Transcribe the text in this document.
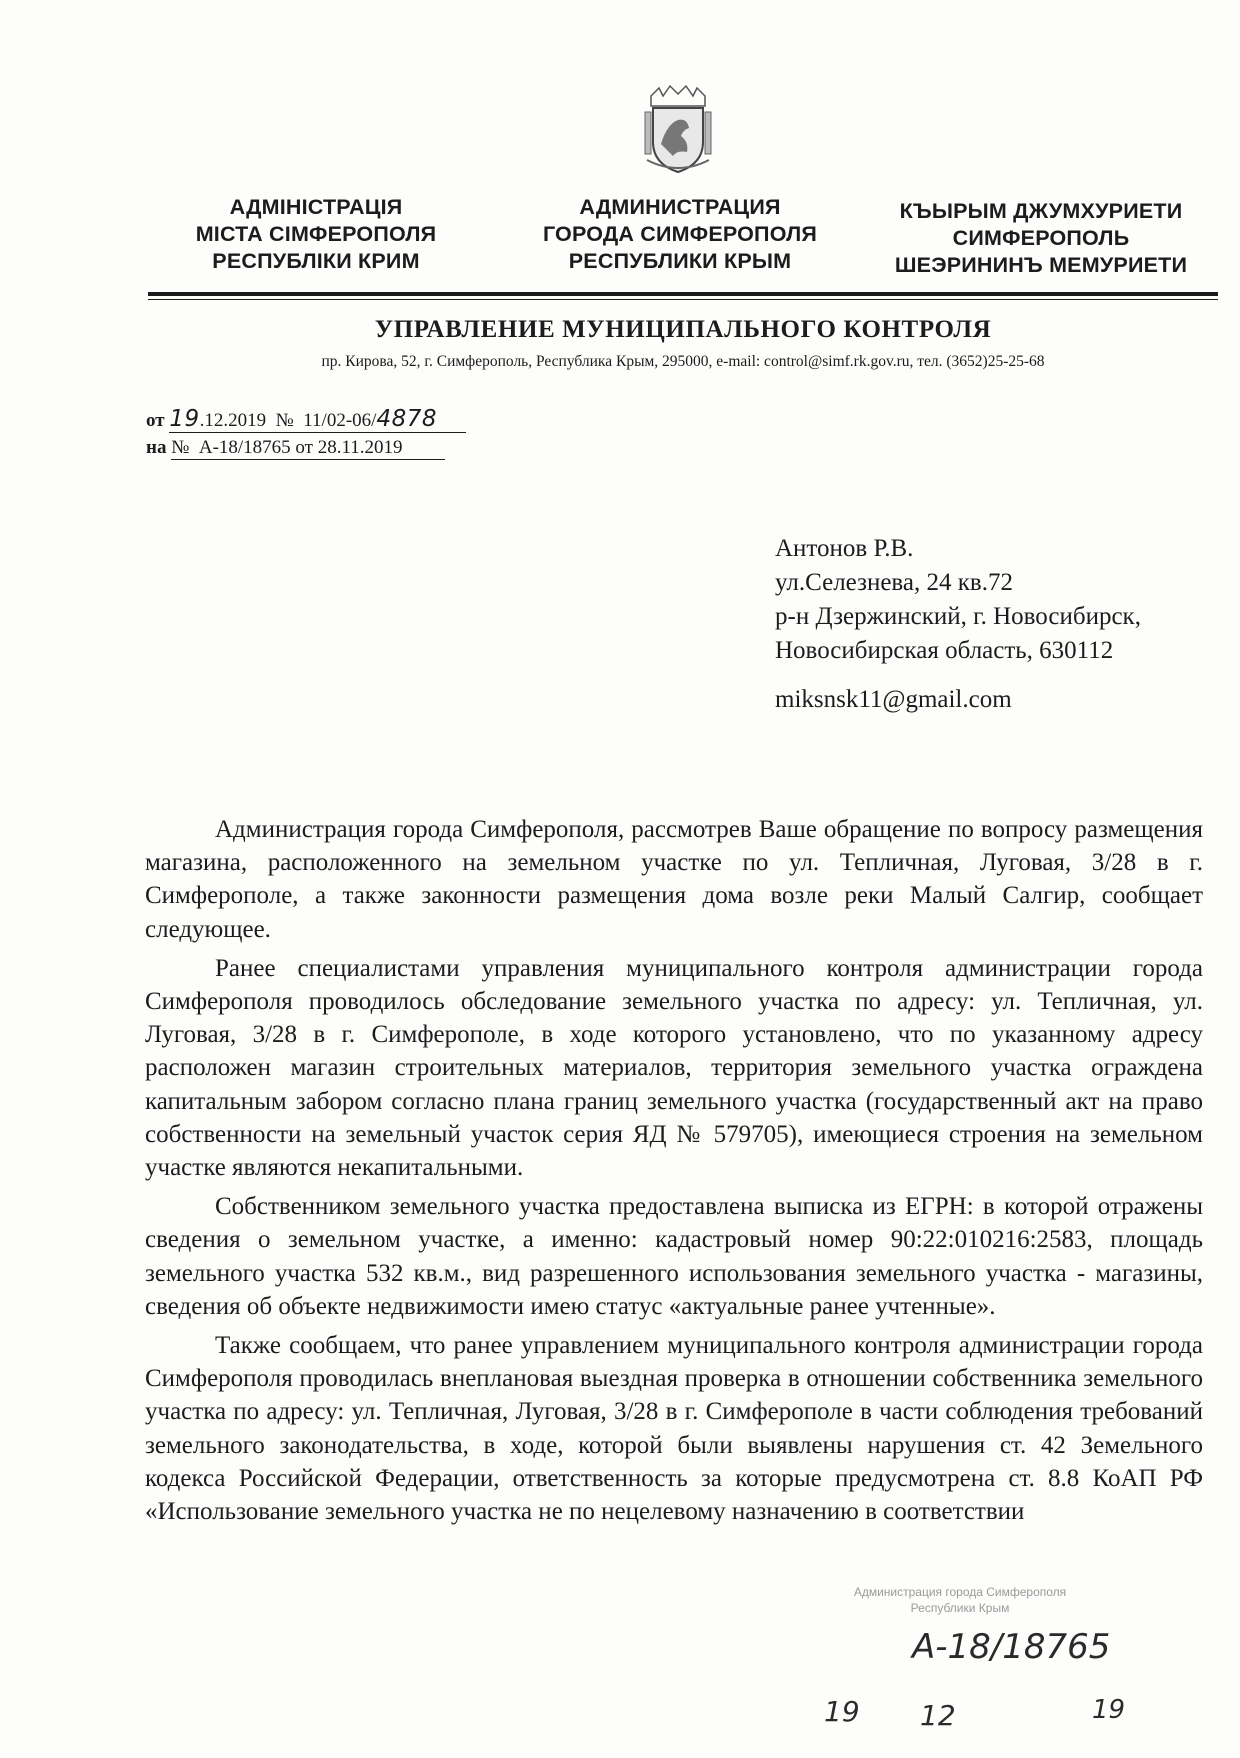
АДМІНІСТРАЦІЯ
МІСТА СІМФЕРОПОЛЯ
РЕСПУБЛІКИ КРИМ
АДМИНИСТРАЦИЯ
ГОРОДА СИМФЕРОПОЛЯ
РЕСПУБЛИКИ КРЫМ
КЪЫРЫМ ДЖУМХУРИЕТИ
СИМФЕРОПОЛЬ
ШЕЭРИНИНЪ МЕМУРИЕТИ
УПРАВЛЕНИЕ МУНИЦИПАЛЬНОГО КОНТРОЛЯ
пр. Кирова, 52, г. Симферополь, Республика Крым, 295000, e-mail: control@simf.rk.gov.ru, тел. (3652)25-25-68
от 19.12.2019 № 11/02-06/4878
на № А-18/18765 от 28.11.2019
Антонов Р.В.
ул.Селезнева, 24 кв.72
р-н Дзержинский, г. Новосибирск,
Новосибирская область, 630112
miksnsk11@gmail.com

Администрация города Симферополя, рассмотрев Ваше обращение по вопросу размещения магазина, расположенного на земельном участке по ул. Тепличная, Луговая, 3/28 в г. Симферополе, а также законности размещения дома возле реки Малый Салгир, сообщает следующее.

Ранее специалистами управления муниципального контроля администрации города Симферополя проводилось обследование земельного участка по адресу: ул. Тепличная, ул. Луговая, 3/28 в г. Симферополе, в ходе которого установлено, что по указанному адресу расположен магазин строительных материалов, территория земельного участка ограждена капитальным забором согласно плана границ земельного участка (государственный акт на право собственности на земельный участок серия ЯД № 579705), имеющиеся строения на земельном участке являются некапитальными.

Собственником земельного участка предоставлена выписка из ЕГРН: в которой отражены сведения о земельном участке, а именно: кадастровый номер 90:22:010216:2583, площадь земельного участка 532 кв.м., вид разрешенного использования земельного участка - магазины, сведения об объекте недвижимости имею статус «актуальные ранее учтенные».

Также сообщаем, что ранее управлением муниципального контроля администрации города Симферополя проводилась внеплановая выездная проверка в отношении собственника земельного участка по адресу: ул. Тепличная, Луговая, 3/28 в г. Симферополе в части соблюдения требований земельного законодательства, в ходе, которой были выявлены нарушения ст. 42 Земельного кодекса Российской Федерации, ответственность за которые предусмотрена ст. 8.8 КоАП РФ «Использование земельного участка не по нецелевому назначению в соответствии

Администрация города Симферополя
Республики Крым
А-18/18765
19 12	19
